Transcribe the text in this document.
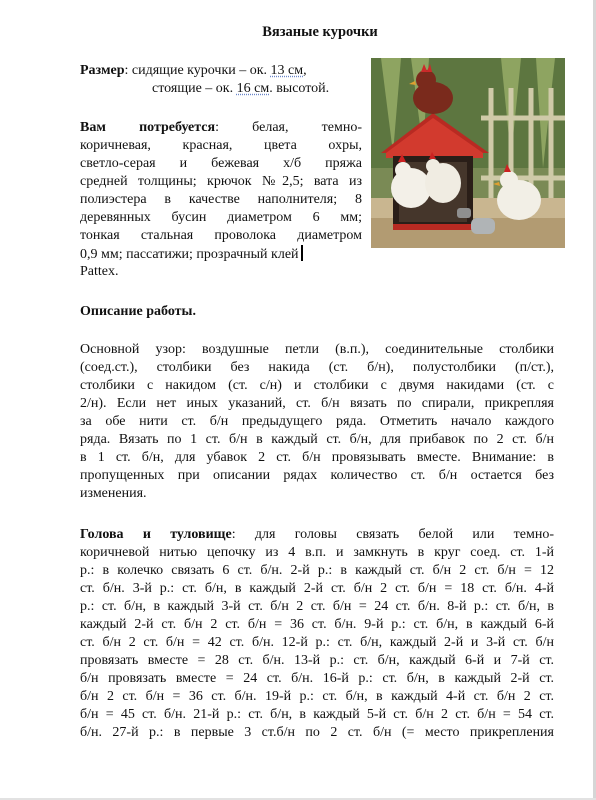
Вязаные курочки
Размер: сидящие курочки – ок. 13 см,
стоящие – ок. 16 см. высотой.
Вам потребуется: белая, темно-
коричневая, красная, цвета охры,
светло-серая и бежевая х/б пряжа
средней толщины; крючок №2,5; вата из
полиэстера в качестве наполнителя; 8
деревянных бусин диаметром 6 мм;
тонкая стальная проволока диаметром
0,9 мм; пассатижи; прозрачный клей
Pattex.
Описание работы.
Основной узор: воздушные петли (в.п.), соединительные столбики
(соед.ст.), столбики без накида (ст. б/н), полустолбики (п/ст.),
столбики с накидом (ст. с/н) и столбики с двумя накидами (ст. с
2/н). Если нет иных указаний, ст. б/н вязать по спирали, прикрепляя
за обе нити ст. б/н предыдущего ряда. Отметить начало каждого
ряда. Вязать по 1 ст. б/н в каждый ст. б/н, для прибавок по 2 ст. б/н
в 1 ст. б/н, для убавок 2 ст. б/н провязывать вместе. Внимание: в
пропущенных при описании рядах количество ст. б/н остается без
изменения.
Голова и туловище: для головы связать белой или темно-
коричневой нитью цепочку из 4 в.п. и замкнуть в круг соед. ст. 1-й
р.: в колечко связать 6 ст. б/н. 2-й р.: в каждый ст. б/н 2 ст. б/н = 12
ст. б/н. 3-й р.: ст. б/н, в каждый 2-й ст. б/н 2 ст. б/н = 18 ст. б/н. 4-й
р.: ст. б/н, в каждый 3-й ст. б/н 2 ст. б/н = 24 ст. б/н. 8-й р.: ст. б/н, в
каждый 2-й ст. б/н 2 ст. б/н = 36 ст. б/н. 9-й р.: ст. б/н, в каждый 6-й
ст. б/н 2 ст. б/н = 42 ст. б/н. 12-й р.: ст. б/н, каждый 2-й и 3-й ст. б/н
провязать вместе = 28 ст. б/н. 13-й р.: ст. б/н, каждый 6-й и 7-й ст.
б/н провязать вместе = 24 ст. б/н. 16-й р.: ст. б/н, в каждый 2-й ст.
б/н 2 ст. б/н = 36 ст. б/н. 19-й р.: ст. б/н, в каждый 4-й ст. б/н 2 ст.
б/н = 45 ст. б/н. 21-й р.: ст. б/н, в каждый 5-й ст. б/н 2 ст. б/н = 54 ст.
б/н. 27-й р.: в первые 3 ст.б/н по 2 ст. б/н (= место прикрепления
